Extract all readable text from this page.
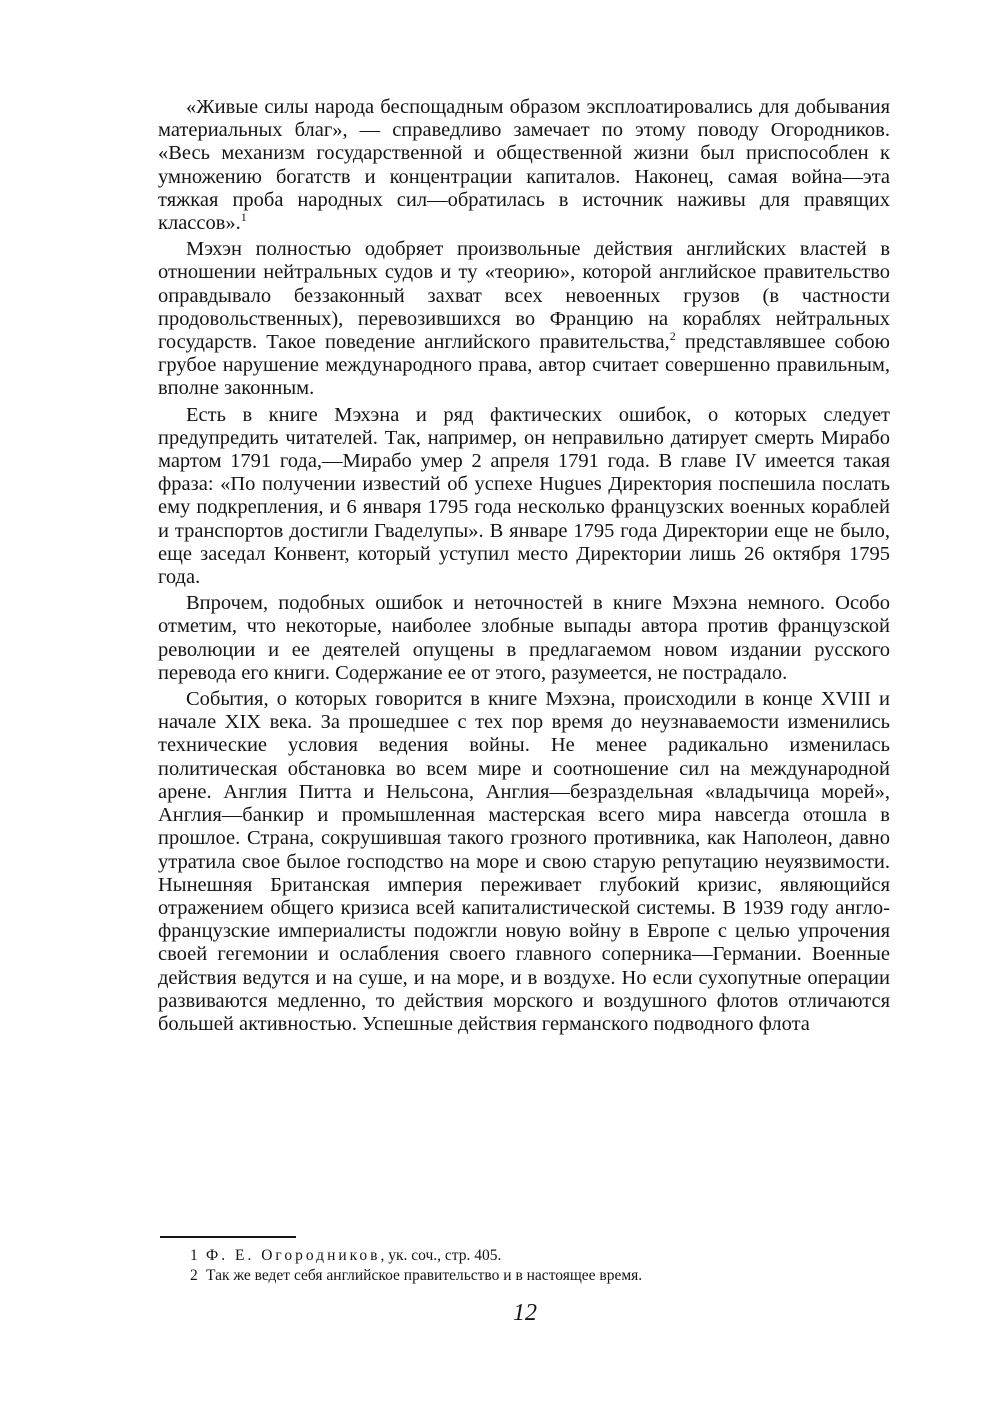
«Живые силы народа беспощадным образом эксплоатировались для добывания материальных благ», — справедливо замечает по этому поводу Огородников. «Весь механизм государственной и общественной жизни был приспособлен к умножению богатств и концентрации капиталов. Наконец, самая война—эта тяжкая проба народных сил—обратилась в источник наживы для правящих классов».$^1$

Мэхэн полностью одобряет произвольные действия английских властей в отношении нейтральных судов и ту «теорию», которой английское правительство оправдывало беззаконный захват всех невоенных грузов (в частности продовольственных), перевозившихся во Францию на кораблях нейтральных государств. Такое поведение английского правительства,$^2$ представлявшее собою грубое нарушение международного права, автор считает совершенно правильным, вполне законным.

Есть в книге Мэхэна и ряд фактических ошибок, о которых следует предупредить читателей. Так, например, он неправильно датирует смерть Мирабо мартом 1791 года,—Мирабо умер 2 апреля 1791 года. В главе IV имеется такая фраза: «По получении известий об успехе Hugues Директория поспешила послать ему подкрепления, и 6 января 1795 года несколько французских военных кораблей и транспортов достигли Гваделупы». В январе 1795 года Директории еще не было, еще заседал Конвент, который уступил место Директории лишь 26 октября 1795 года.

Впрочем, подобных ошибок и неточностей в книге Мэхэна немного. Особо отметим, что некоторые, наиболее злобные выпады автора против французской революции и ее деятелей опущены в предлагаемом новом издании русского перевода его книги. Содержание ее от этого, разумеется, не пострадало.

События, о которых говорится в книге Мэхэна, происходили в конце XVIII и начале XIX века. За прошедшее с тех пор время до неузнаваемости изменились технические условия ведения войны. Не менее радикально изменилась политическая обстановка во всем мире и соотношение сил на международной арене. Англия Питта и Нельсона, Англия—безраздельная «владычица морей», Англия—банкир и промышленная мастерская всего мира навсегда отошла в прошлое. Страна, сокрушившая такого грозного противника, как Наполеон, давно утратила свое былое господство на море и свою старую репутацию неуязвимости. Нынешняя Британская империя переживает глубокий кризис, являющийся отражением общего кризиса всей капиталистической системы. В 1939 году англо-французские империалисты подожгли новую войну в Европе с целью упрочения своей гегемонии и ослабления своего главного соперника—Германии. Военные действия ведутся и на суше, и на море, и в воздухе. Но если сухопутные операции развиваются медленно, то действия морского и воздушного флотов отличаются большей активностью. Успешные действия германского подводного флота

1 Ф. Е. Огородников, ук. соч., стр. 405.

2 Так же ведет себя английское правительство и в настоящее время.

12
